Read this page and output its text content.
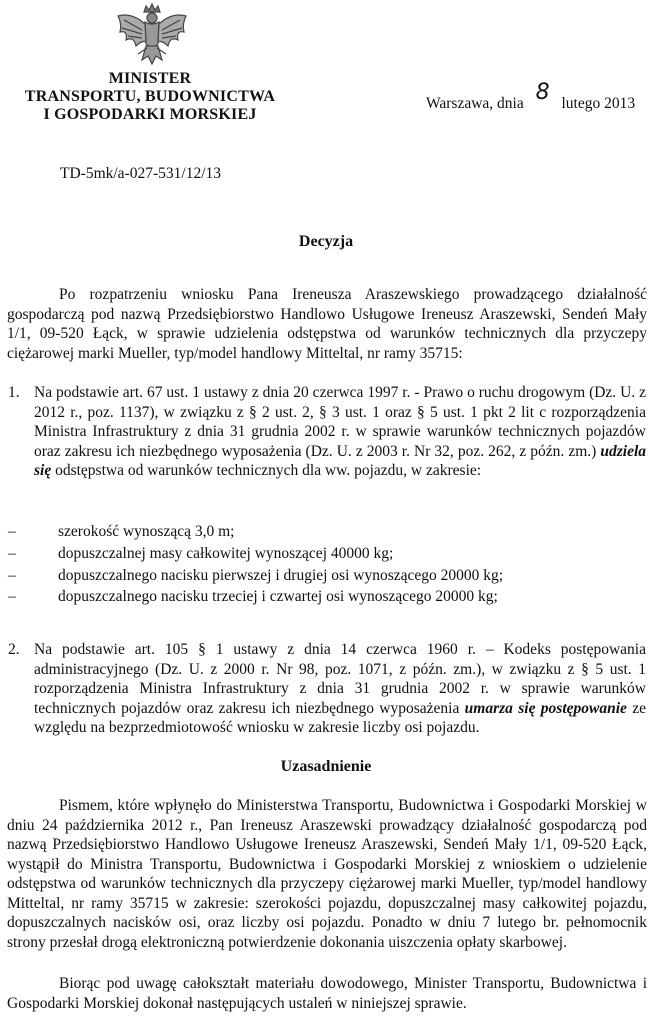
MINISTER
TRANSPORTU, BUDOWNICTWA
I GOSPODARKI MORSKIEJ
Warszawa, dnia 8 lutego 2013
TD-5mk/a-027-531/12/13
Decyzja

Po rozpatrzeniu wniosku Pana Ireneusza Araszewskiego prowadzącego działalność gospodarczą pod nazwą Przedsiębiorstwo Handlowo Usługowe Ireneusz Araszewski, Sendeń Mały 1/1, 09-520 Łąck, w sprawie udzielenia odstępstwa od warunków technicznych dla przyczepy ciężarowej marki Mueller, typ/model handlowy Mitteltal, nr ramy 35715:

1. Na podstawie art. 67 ust. 1 ustawy z dnia 20 czerwca 1997 r. - Prawo o ruchu drogowym (Dz. U. z 2012 r., poz. 1137), w związku z § 2 ust. 2, § 3 ust. 1 oraz § 5 ust. 1 pkt 2 lit c rozporządzenia Ministra Infrastruktury z dnia 31 grudnia 2002 r. w sprawie warunków technicznych pojazdów oraz zakresu ich niezbędnego wyposażenia (Dz. U. z 2003 r. Nr 32, poz. 262, z późn. zm.) udziela się odstępstwa od warunków technicznych dla ww. pojazdu, w zakresie:
–	szerokość wynoszącą 3,0 m;
–	dopuszczalnej masy całkowitej wynoszącej 40000 kg;
–	dopuszczalnego nacisku pierwszej i drugiej osi wynoszącego 20000 kg;
–	dopuszczalnego nacisku trzeciej i czwartej osi wynoszącego 20000 kg;
2. Na podstawie art. 105 § 1 ustawy z dnia 14 czerwca 1960 r. – Kodeks postępowania administracyjnego (Dz. U. z 2000 r. Nr 98, poz. 1071, z późn. zm.), w związku z § 5 ust. 1 rozporządzenia Ministra Infrastruktury z dnia 31 grudnia 2002 r. w sprawie warunków technicznych pojazdów oraz zakresu ich niezbędnego wyposażenia umarza się postępowanie ze względu na bezprzedmiotowość wniosku w zakresie liczby osi pojazdu.
Uzasadnienie

Pismem, które wpłynęło do Ministerstwa Transportu, Budownictwa i Gospodarki Morskiej w dniu 24 października 2012 r., Pan Ireneusz Araszewski prowadzący działalność gospodarczą pod nazwą Przedsiębiorstwo Handlowo Usługowe Ireneusz Araszewski, Sendeń Mały 1/1, 09-520 Łąck, wystąpił do Ministra Transportu, Budownictwa i Gospodarki Morskiej z wnioskiem o udzielenie odstępstwa od warunków technicznych dla przyczepy ciężarowej marki Mueller, typ/model handlowy Mitteltal, nr ramy 35715 w zakresie: szerokości pojazdu, dopuszczalnej masy całkowitej pojazdu, dopuszczalnych nacisków osi, oraz liczby osi pojazdu. Ponadto w dniu 7 lutego br. pełnomocnik strony przesłał drogą elektroniczną potwierdzenie dokonania uiszczenia opłaty skarbowej.

Biorąc pod uwagę całokształt materiału dowodowego, Minister Transportu, Budownictwa i Gospodarki Morskiej dokonał następujących ustaleń w niniejszej sprawie.
